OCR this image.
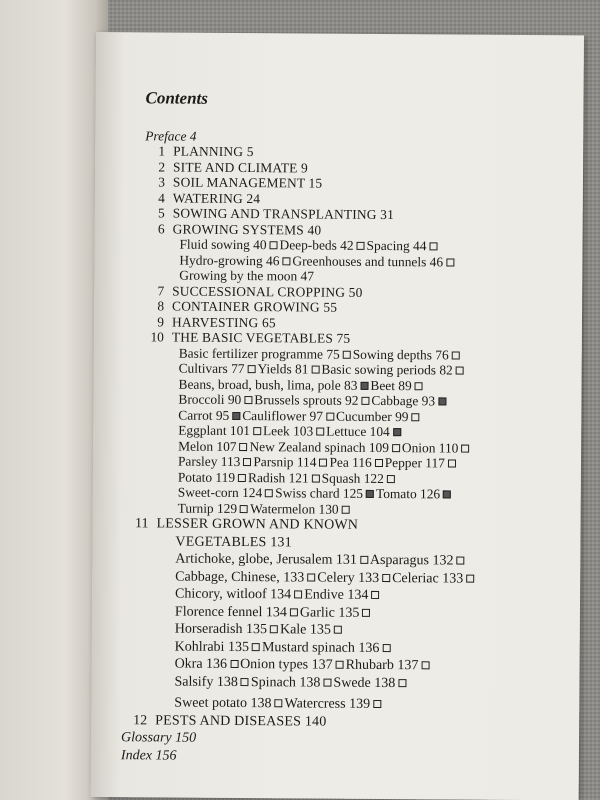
Contents

Preface 4

1 PLANNING 5

2 SITE AND CLIMATE 9

3 SOIL MANAGEMENT 15

4 WATERING 24

5 SOWING AND TRANSPLANTING 31

6 GROWING SYSTEMS 40

Fluid sowing 40 Deep-beds 42 Spacing 44

Hydro-growing 46 Greenhouses and tunnels 46

Growing by the moon 47

7 SUCCESSIONAL CROPPING 50

8 CONTAINER GROWING 55

9 HARVESTING 65

10 THE BASIC VEGETABLES 75

Basic fertilizer programme 75 Sowing depths 76

Cultivars 77 Yields 81 Basic sowing periods 82

Beans, broad, bush, lima, pole 83 Beet 89

Broccoli 90 Brussels sprouts 92 Cabbage 93

Carrot 95 Cauliflower 97 Cucumber 99

Eggplant 101 Leek 103 Lettuce 104

Melon 107 New Zealand spinach 109 Onion 110

Parsley 113 Parsnip 114 Pea 116 Pepper 117

Potato 119 Radish 121 Squash 122

Sweet-corn 124 Swiss chard 125 Tomato 126

Turnip 129 Watermelon 130

11 LESSER GROWN AND KNOWN

VEGETABLES 131

Artichoke, globe, Jerusalem 131 Asparagus 132

Cabbage, Chinese, 133 Celery 133 Celeriac 133

Chicory, witloof 134 Endive 134

Florence fennel 134 Garlic 135

Horseradish 135 Kale 135

Kohlrabi 135 Mustard spinach 136

Okra 136 Onion types 137 Rhubarb 137

Salsify 138 Spinach 138 Swede 138

Sweet potato 138 Watercress 139

12 PESTS AND DISEASES 140

Glossary 150

Index 156
